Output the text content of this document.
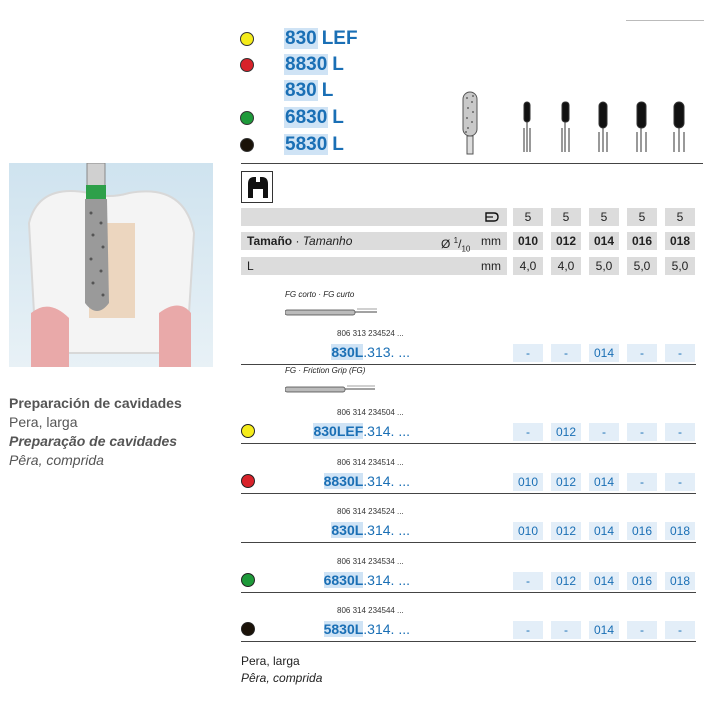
830 LEF
8830 L
830 L
6830 L
5830 L
5	5	5	5	5
010	012	014	016	018
4,0	4,0	5,0	5,0	5,0
Tamaño · Tamanho	Ø $^1/_{10}$
mm
L	mm
Preparación de cavidades
Pera, larga
Preparação de cavidades
Pêra, comprida
FG corto · FG curto
FG · Friction Grip (FG)
806 313 234524 ...
830L.313. ...	-	-	014	-	-
806 314 234504 ...
830LEF.314. ...	-	012	-	-	-
806 314 234514 ...
8830L.314. ...	010	012	014	-	-
806 314 234524 ...
830L.314. ...	010	012	014	016	018
806 314 234534 ...
6830L.314. ...	-	012	014	016	018
806 314 234544 ...
5830L.314. ...	-	-	014	-	-
Pera, larga
Pêra, comprida
